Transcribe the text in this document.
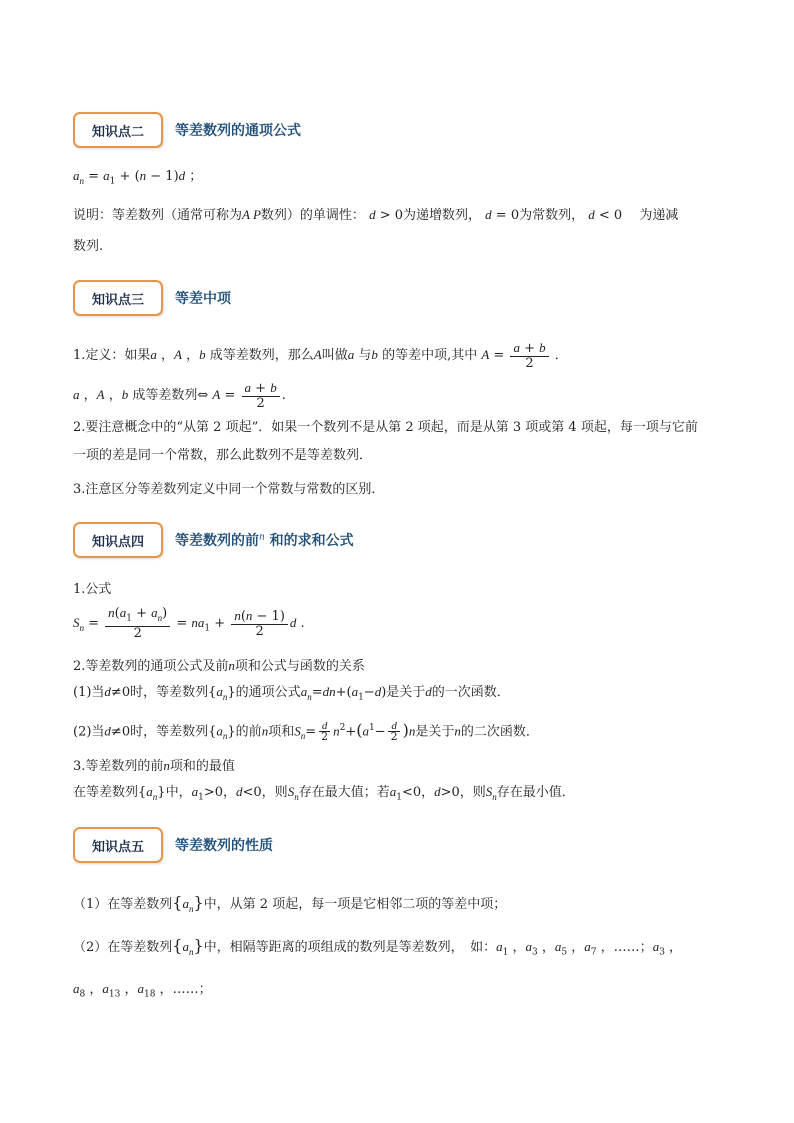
知识点二	等差数列的通项公式
$a_n = a_1 + (n - 1)d$ ；
说明：等差数列（通常可称为A P数列）的单调性： d > 0为递增数列， d = 0为常数列， d < 0 　为递减
数列.
知识点三	等差中项
1.定义：如果a ，A ，b 成等差数列，那么A叫做a 与b 的等差中项,其中 $A = \frac{a + b}{2}$ ．
a ，A ，b 成等差数列⇔ $A = \frac{a + b}{2}$ .
2.要注意概念中的“从第 2 项起”．如果一个数列不是从第 2 项起，而是从第 3 项或第 4 项起，每一项与它前
一项的差是同一个常数，那么此数列不是等差数列．
3.注意区分等差数列定义中同一个常数与常数的区别．
知识点四	等差数列的前$^n$ 和的求和公式
1.公式
$S_n = \frac{n(a_1 + a_n)}{2} = na_1 + \frac{n(n - 1)}{2}$ d .
2.等差数列的通项公式及前n项和公式与函数的关系
(1)当d≠0时，等差数列$\{a_n\}$的通项公式$a_n=dn+(a_1-d)$是关于d的一次函数．
(2)当d≠0时，等差数列$\{a_n\}$的前n项和$S_n= \frac{d}{2} n^2+(a^1- \frac{d}{2} )n$是关于n的二次函数．
3.等差数列的前n项和的最值
在等差数列$\{a_n\}$中，$a_1>0$，d<0，则$S_n$存在最大值；若$a_1<0$，d>0，则$S_n$存在最小值．
知识点五	等差数列的性质
（1）在等差数列$\{a_n\}$中，从第 2 项起，每一项是它相邻二项的等差中项；
（2）在等差数列$\{a_n\}$中，相隔等距离的项组成的数列是等差数列，　如：$a_1$ ，$a_3$ ，$a_5$ ，$a_7$ ，……；$a_3$ ，
$a_8$ ，$a_{13}$ ，$a_{18}$ ，……；
